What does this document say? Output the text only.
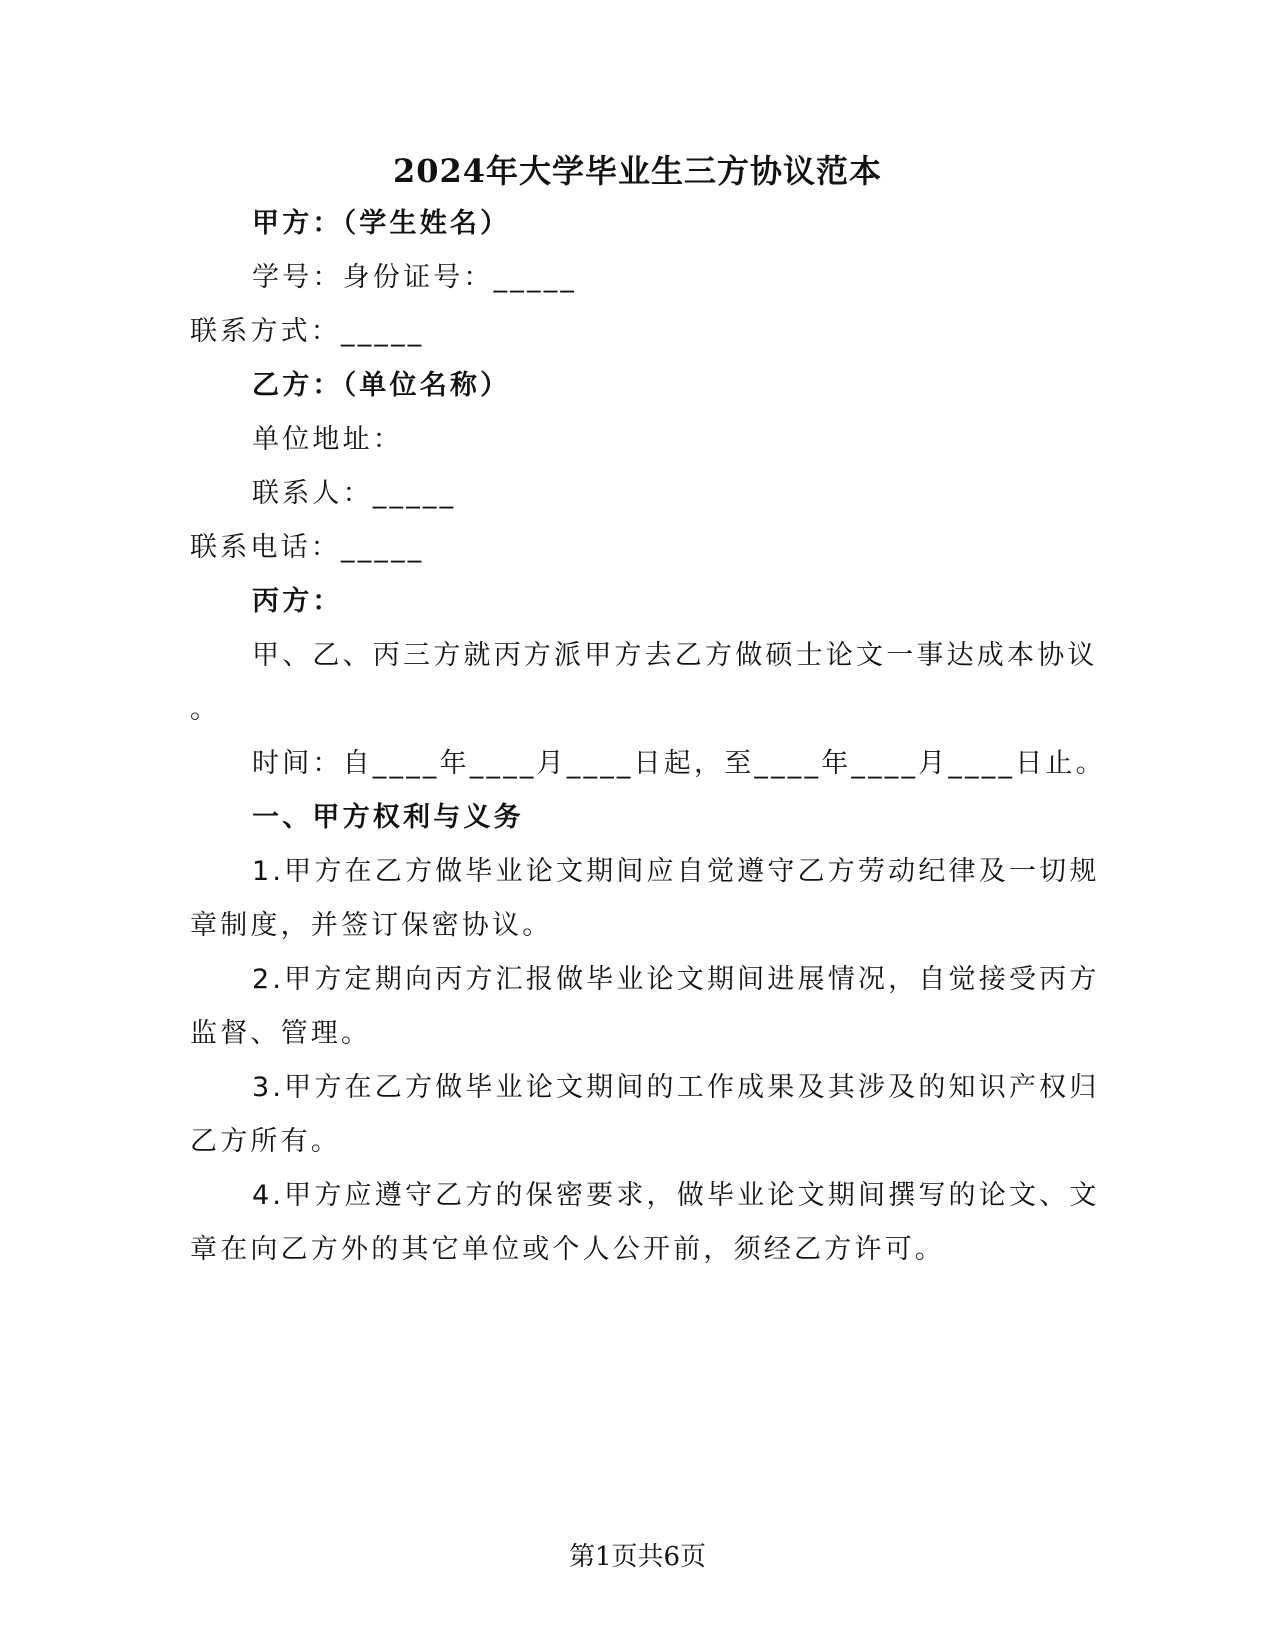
2024年大学毕业生三方协议范本
甲方：（学生姓名）
学号：身份证号：_____
联系方式：_____
乙方：（单位名称）
单位地址：
联系人：_____
联系电话：_____
丙方：
甲、乙、丙三方就丙方派甲方去乙方做硕士论文一事达成本协议
。
时间：自____年____月____日起，至____年____月____日止。
一、甲方权利与义务
1.甲方在乙方做毕业论文期间应自觉遵守乙方劳动纪律及一切规
章制度，并签订保密协议。
2.甲方定期向丙方汇报做毕业论文期间进展情况，自觉接受丙方
监督、管理。
3.甲方在乙方做毕业论文期间的工作成果及其涉及的知识产权归
乙方所有。
4.甲方应遵守乙方的保密要求，做毕业论文期间撰写的论文、文
章在向乙方外的其它单位或个人公开前，须经乙方许可。
第1页共6页
